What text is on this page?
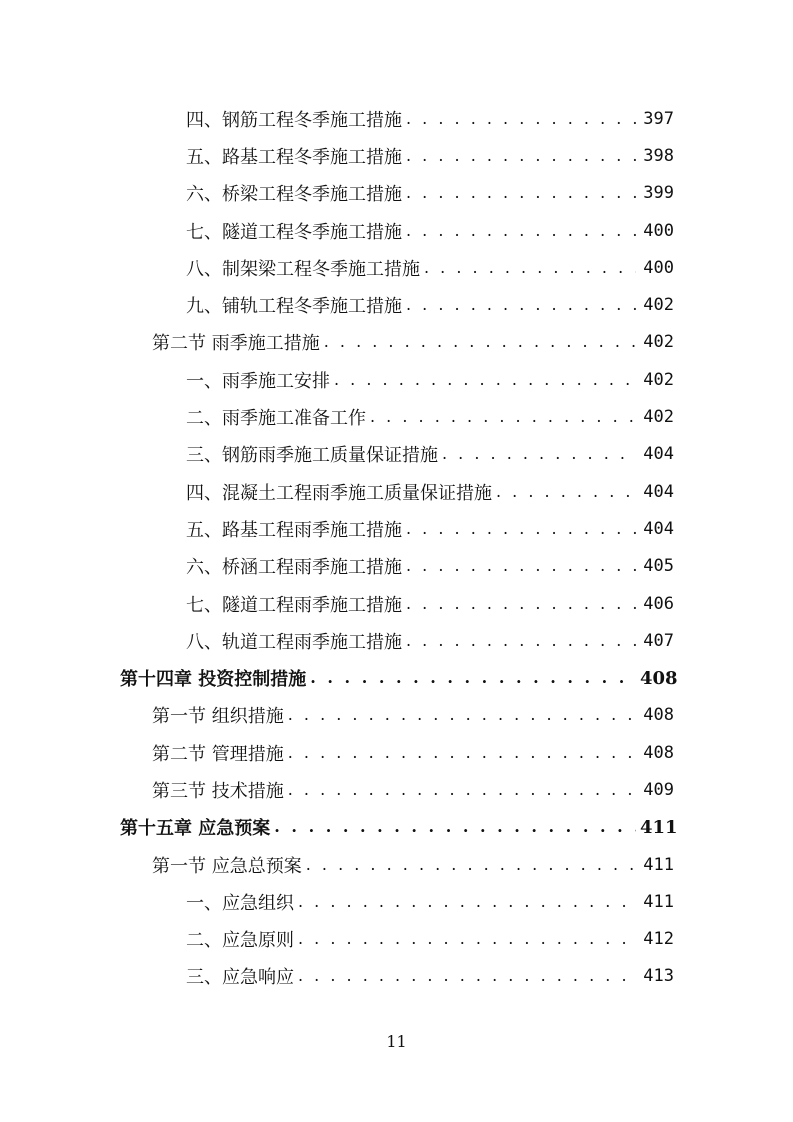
四、钢筋工程冬季施工措施 . . .	397
五、路基工程冬季施工措施 . . .	398
六、桥梁工程冬季施工措施 . . .	399
七、隧道工程冬季施工措施 . . .	400
八、制架梁工程冬季施工措施 . . .	400
九、铺轨工程冬季施工措施 . . .	402
第二节 雨季施工措施 . . .	402
一、雨季施工安排 . . .	402
二、雨季施工准备工作 . . .	402
三、钢筋雨季施工质量保证措施 . . .	404
四、混凝土工程雨季施工质量保证措施 . . .	404
五、路基工程雨季施工措施 . . .	404
六、桥涵工程雨季施工措施 . . .	405
七、隧道工程雨季施工措施 . . .	406
八、轨道工程雨季施工措施 . . .	407
第十四章 投资控制措施 . . .	408
第一节 组织措施 . . .	408
第二节 管理措施 . . .	408
第三节 技术措施 . . .	409
第十五章 应急预案 . . .	411
第一节 应急总预案 . . .	411
一、应急组织 . . .	411
二、应急原则 . . .	412
三、应急响应 . . .	413
11
